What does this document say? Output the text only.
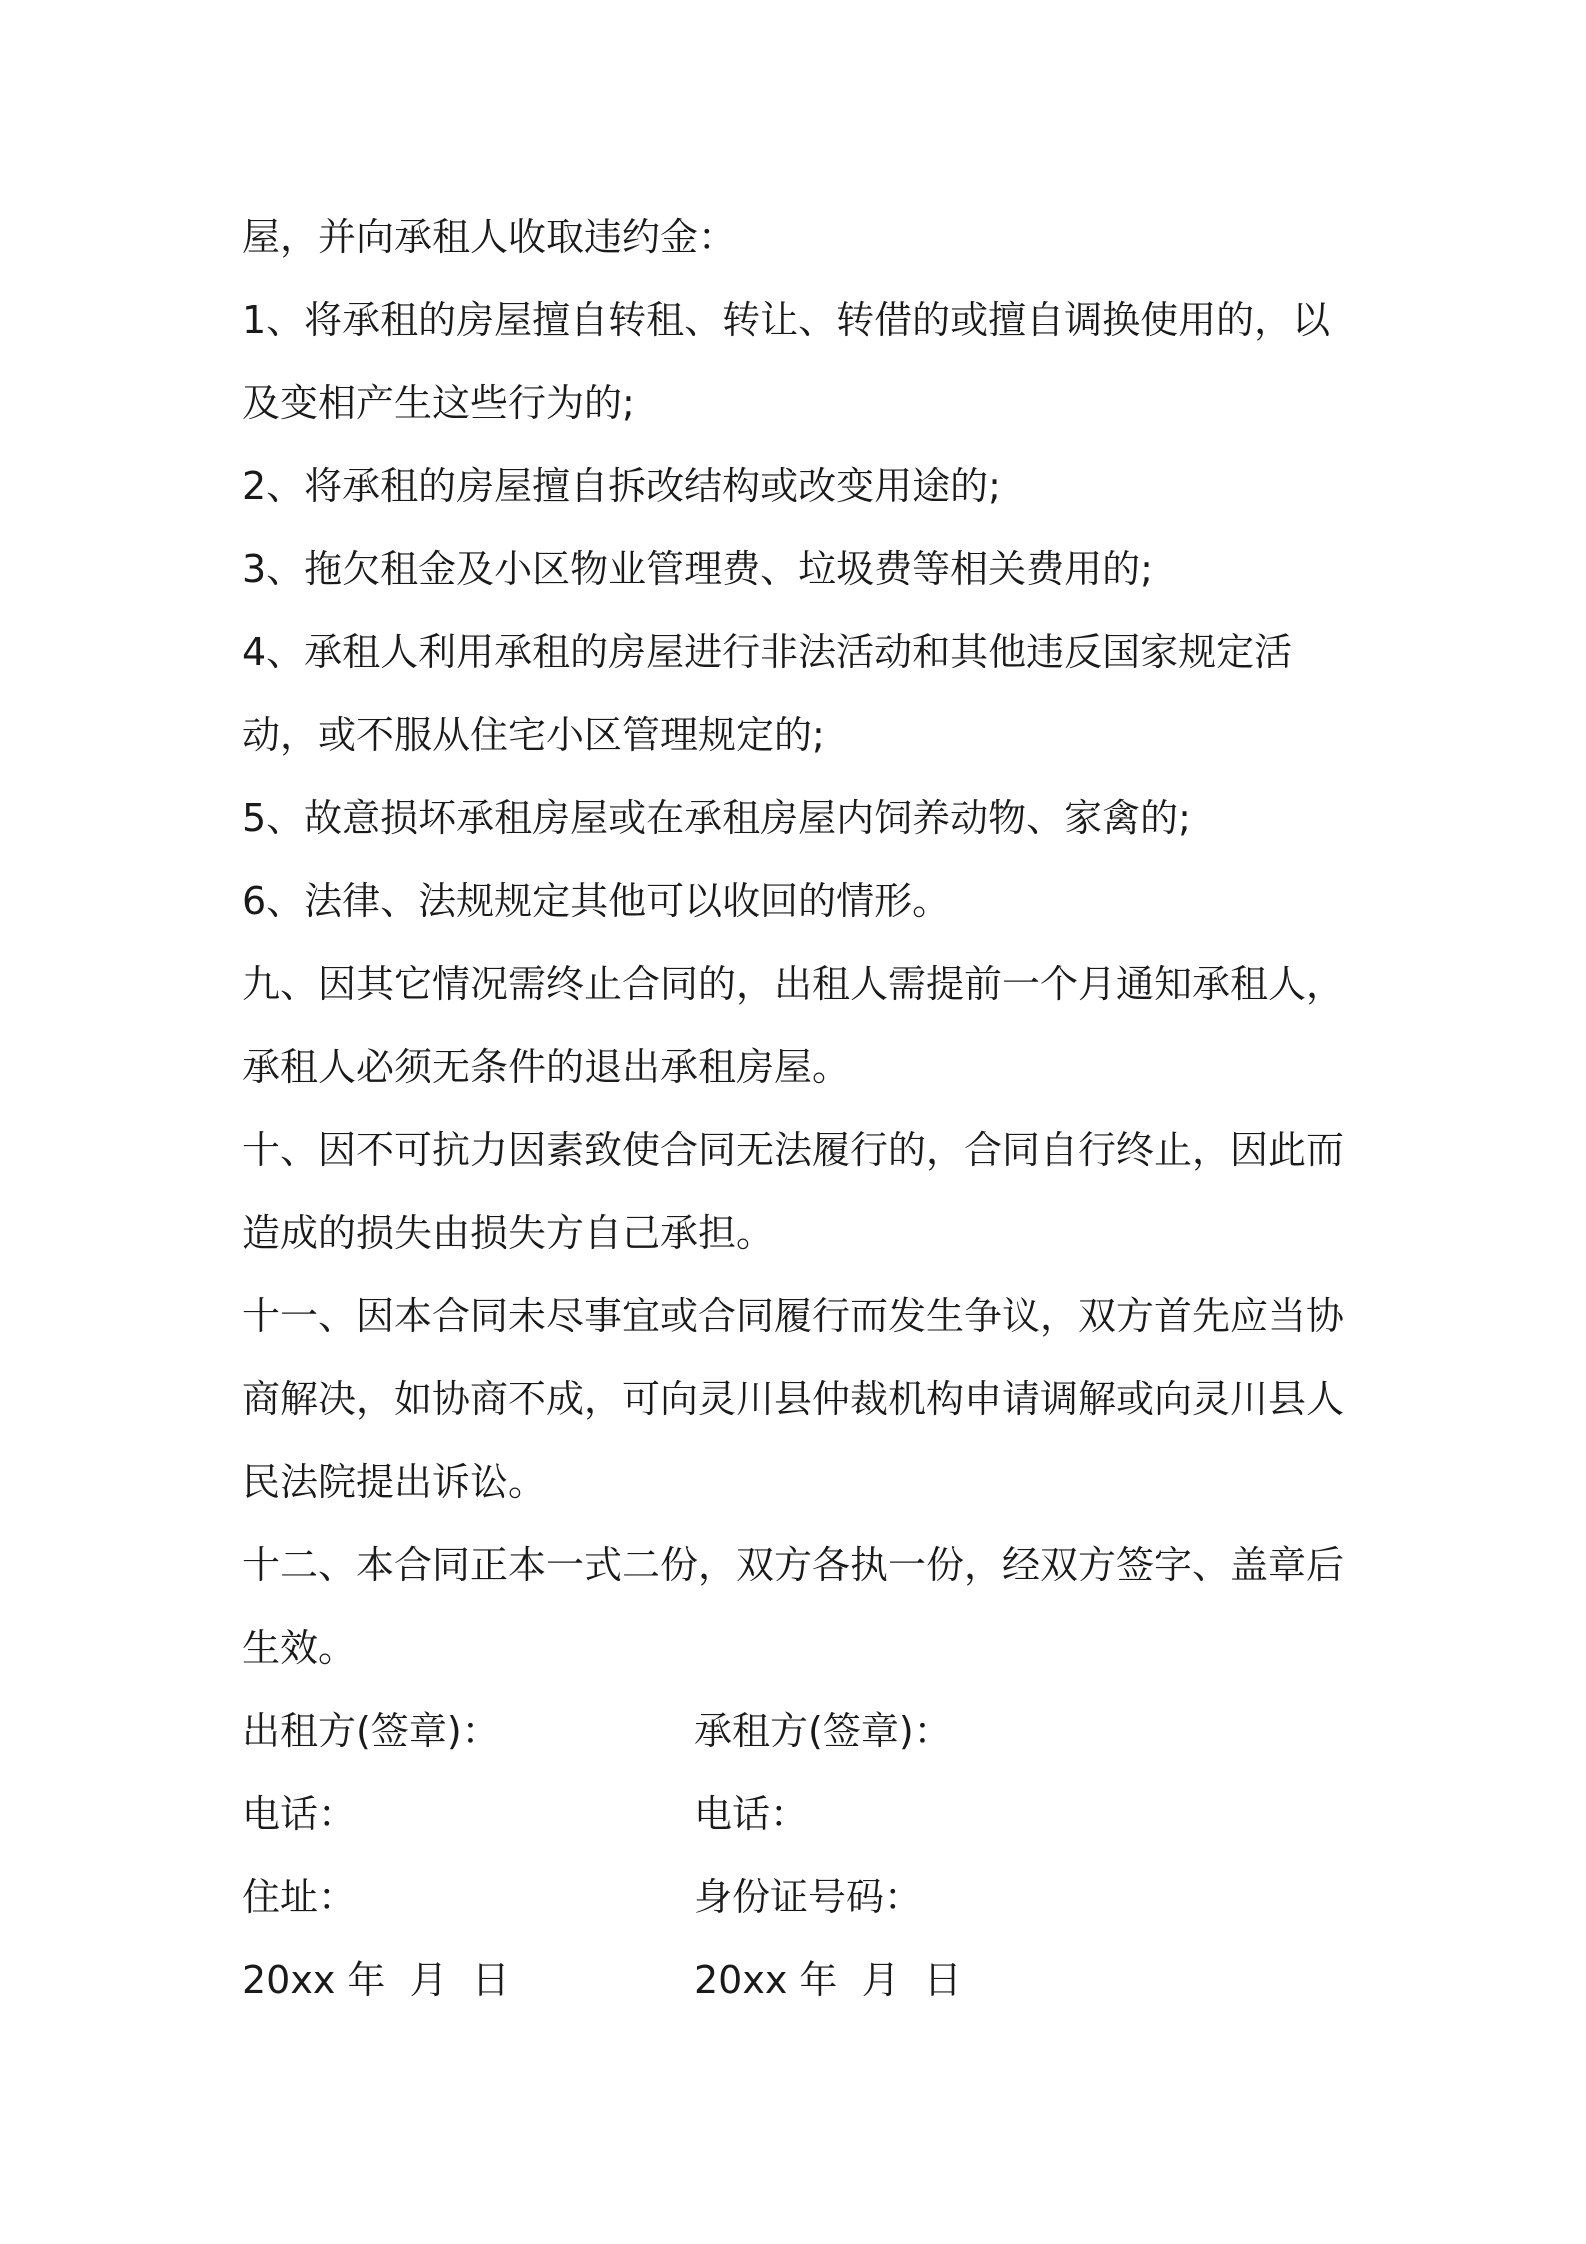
屋，并向承租人收取违约金：

1、将承租的房屋擅自转租、转让、转借的或擅自调换使用的，以及变相产生这些行为的;

2、将承租的房屋擅自拆改结构或改变用途的;

3、拖欠租金及小区物业管理费、垃圾费等相关费用的;

4、承租人利用承租的房屋进行非法活动和其他违反国家规定活动，或不服从住宅小区管理规定的;

5、故意损坏承租房屋或在承租房屋内饲养动物、家禽的;

6、法律、法规规定其他可以收回的情形。

九、因其它情况需终止合同的，出租人需提前一个月通知承租人，承租人必须无条件的退出承租房屋。

十、因不可抗力因素致使合同无法履行的，合同自行终止，因此而造成的损失由损失方自己承担。

十一、因本合同未尽事宜或合同履行而发生争议，双方首先应当协商解决，如协商不成，可向灵川县仲裁机构申请调解或向灵川县人民法院提出诉讼。

十二、本合同正本一式二份，双方各执一份，经双方签字、盖章后生效。

出租方(签章)：	承租方(签章)：
电话：	电话：
住址：	身份证号码：
20xx 年  月  日	20xx 年  月  日
